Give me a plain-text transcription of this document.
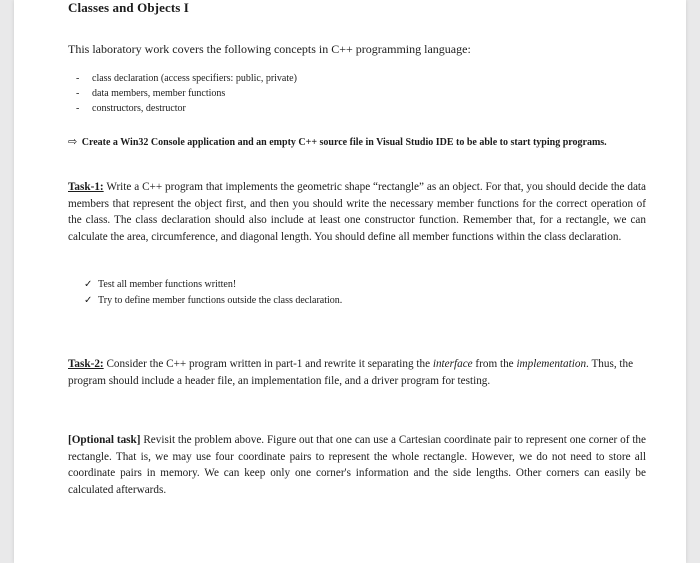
Classes and Objects I
This laboratory work covers the following concepts in C++ programming language:
- class declaration (access specifiers: public, private)
- data members, member functions
- constructors, destructor
⇨ Create a Win32 Console application and an empty C++ source file in Visual Studio IDE to be able to start typing programs.

Task-1: Write a C++ program that implements the geometric shape “rectangle” as an object. For that, you should decide the data members that represent the object first, and then you should write the necessary member functions for the correct operation of the class. The class declaration should also include at least one constructor function. Remember that, for a rectangle, we can calculate the area, circumference, and diagonal length. You should define all member functions within the class declaration.

✓ Test all member functions written!
✓ Try to define member functions outside the class declaration.

Task-2: Consider the C++ program written in part-1 and rewrite it separating the interface from the implementation. Thus, the program should include a header file, an implementation file, and a driver program for testing.

[Optional task] Revisit the problem above. Figure out that one can use a Cartesian coordinate pair to represent one corner of the rectangle. That is, we may use four coordinate pairs to represent the whole rectangle. However, we do not need to store all coordinate pairs in memory. We can keep only one corner's information and the side lengths. Other corners can easily be calculated afterwards.
